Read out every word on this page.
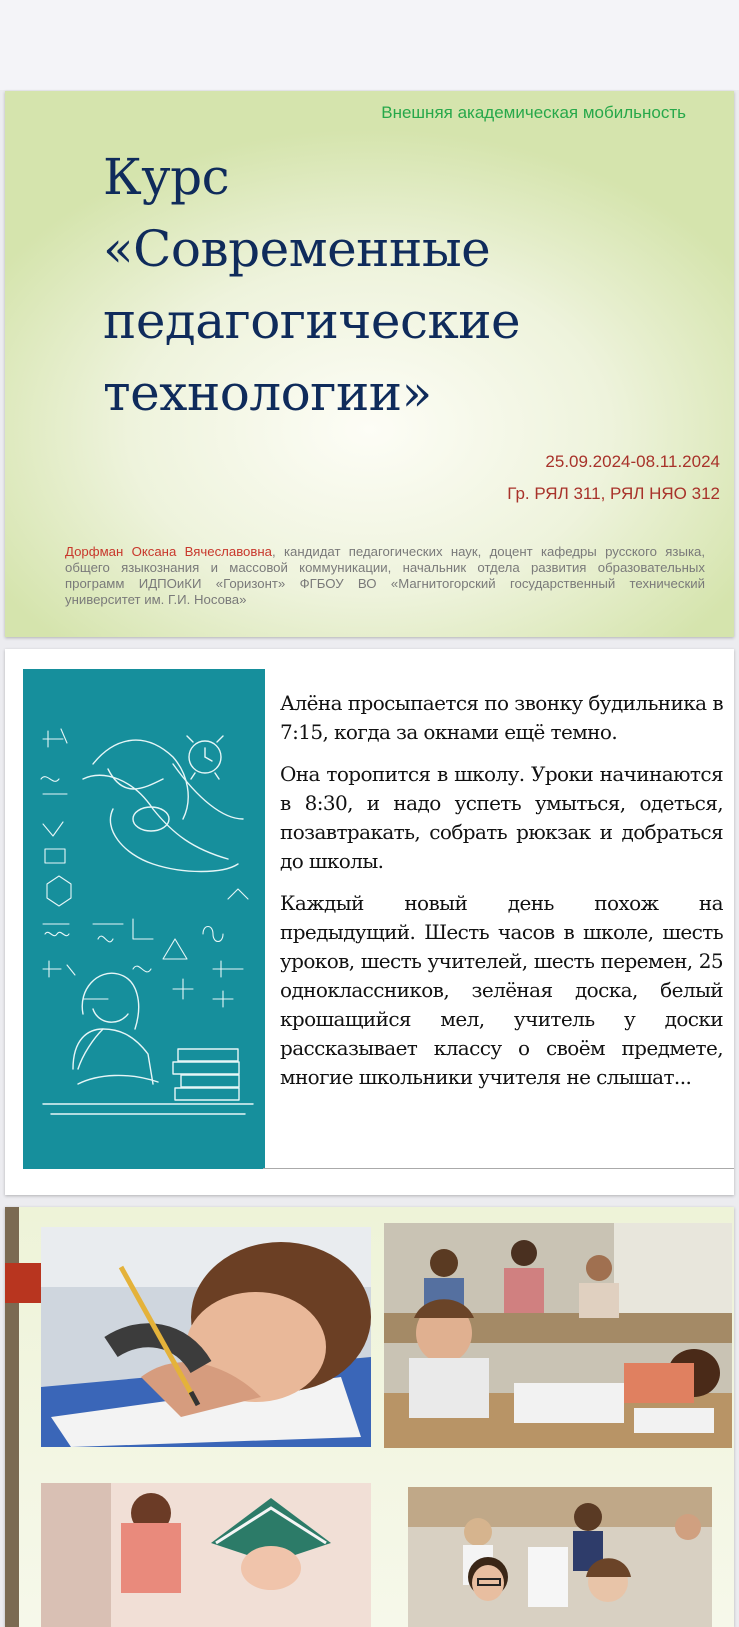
Внешняя академическая мобильность
Курс
«Современные
педагогические
технологии»
25.09.2024-08.11.2024
Гр. РЯЛ 311, РЯЛ НЯО 312
Дорфман Оксана Вячеславовна, кандидат педагогических наук, доцент кафедры русского языка, общего языкознания и массовой коммуникации, начальник отдела развития образовательных программ ИДПОиКИ «Горизонт» ФГБОУ ВО «Магнитогорский государственный технический университет им. Г.И. Носова»

Алёна просыпается по звонку будильника в 7:15, когда за окнами ещё темно.

Она торопится в школу. Уроки начинаются в 8:30, и надо успеть умыться, одеться, позавтракать, собрать рюкзак и добраться до школы.

Каждый новый день похож на предыдущий. Шесть часов в школе, шесть уроков, шесть учителей, шесть перемен, 25 одноклассников, зелёная доска, белый крошащийся мел, учитель у доски рассказывает классу о своём предмете, многие школьники учителя не слышат...
